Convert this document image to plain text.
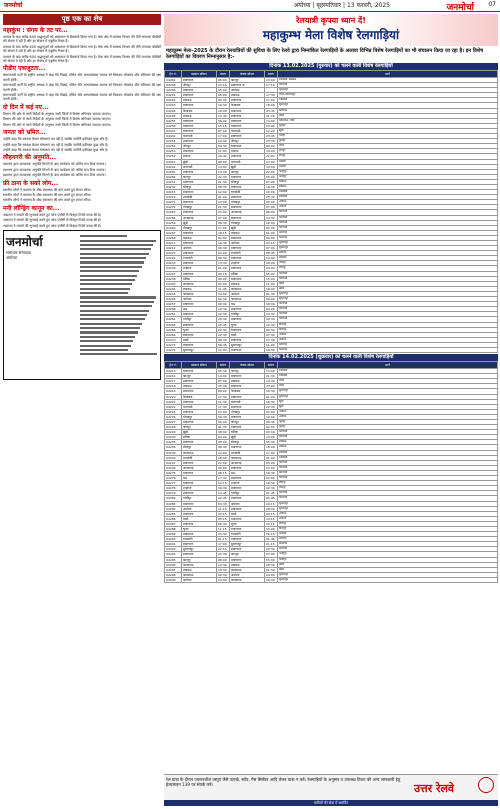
जनमोर्चा	अयोध्या | बृहस्पतिवार | 13 फरवरी, 2025	जनमोर्चा 07
पृष्ठ एक का शेष
महाकुंभ : संगम के तट पर...

उपचार के बाद करीब 600 श्रद्धालुओं को अस्पताल से डिस्चार्ज किया गया है। मेला क्षेत्र में स्वास्थ्य विभाग की टीमें लगातार चौबीसों घंटे सेवाएं दे रही हैं और हर सेक्टर में एंबुलेंस तैनात हैं।

उपचार के बाद करीब 600 श्रद्धालुओं को अस्पताल से डिस्चार्ज किया गया है। मेला क्षेत्र में स्वास्थ्य विभाग की टीमें लगातार चौबीसों घंटे सेवाएं दे रही हैं और हर सेक्टर में एंबुलेंस तैनात हैं।

उपचार के बाद करीब 600 श्रद्धालुओं को अस्पताल से डिस्चार्ज किया गया है। मेला क्षेत्र में स्वास्थ्य विभाग की टीमें लगातार चौबीसों घंटे सेवाएं दे रही हैं और हर सेक्टर में एंबुलेंस तैनात हैं।

पीडीए एकजुटता...

समाजवादी पार्टी के राष्ट्रीय अध्यक्ष ने कहा कि पिछड़े, दलित और अल्पसंख्यक समाज को मिलकर लोकतंत्र और संविधान की रक्षा करनी होगी।

समाजवादी पार्टी के राष्ट्रीय अध्यक्ष ने कहा कि पिछड़े, दलित और अल्पसंख्यक समाज को मिलकर लोकतंत्र और संविधान की रक्षा करनी होगी।

समाजवादी पार्टी के राष्ट्रीय अध्यक्ष ने कहा कि पिछड़े, दलित और अल्पसंख्यक समाज को मिलकर लोकतंत्र और संविधान की रक्षा करनी होगी।

दो दिन में कई नए...

विभाग की ओर से जारी निर्देशों के अनुसार सभी जिलों में विशेष अभियान चलाया जाएगा।

विभाग की ओर से जारी निर्देशों के अनुसार सभी जिलों में विशेष अभियान चलाया जाएगा।

विभाग की ओर से जारी निर्देशों के अनुसार सभी जिलों में विशेष अभियान चलाया जाएगा।

जनता को भ्रमित...

उन्होंने कहा कि सरकार केवल घोषणाएं कर रही है जबकि जमीनी हकीकत कुछ और है।

उन्होंने कहा कि सरकार केवल घोषणाएं कर रही है जबकि जमीनी हकीकत कुछ और है।

उन्होंने कहा कि सरकार केवल घोषणाएं कर रही है जबकि जमीनी हकीकत कुछ और है।

लौहनगरी की अनुमति...

प्रशासन द्वारा आवश्यक अनुमति मिलने के बाद कार्यक्रम को अंतिम रूप दिया जाएगा।

प्रशासन द्वारा आवश्यक अनुमति मिलने के बाद कार्यक्रम को अंतिम रूप दिया जाएगा।

प्रशासन द्वारा आवश्यक अनुमति मिलने के बाद कार्यक्रम को अंतिम रूप दिया जाएगा।

फ्री ठाना के सको लोग...

स्थानीय लोगों ने समस्या के शीघ्र समाधान की मांग करते हुए ज्ञापन सौंपा।

स्थानीय लोगों ने समस्या के शीघ्र समाधान की मांग करते हुए ज्ञापन सौंपा।

स्थानीय लोगों ने समस्या के शीघ्र समाधान की मांग करते हुए ज्ञापन सौंपा।

मनी लॉन्ड्रिंग कानून का...

अदालत ने मामले की सुनवाई करते हुए जांच एजेंसी से विस्तृत रिपोर्ट तलब की है।

अदालत ने मामले की सुनवाई करते हुए जांच एजेंसी से विस्तृत रिपोर्ट तलब की है।

अदालत ने मामले की सुनवाई करते हुए जांच एजेंसी से विस्तृत रिपोर्ट तलब की है।

जनमोर्चा
समाचार सम्पादक
अयोध्या
रेलयात्री कृपया ध्यान दें!
महाकुम्भ मेला विशेष रेलगाड़ियां
महाकुम्भ मेला–2025 के दौरान रेलयात्रियों की सुविधा के लिए रेलवे द्वारा निम्नांकित रेलगाड़ियों के अलावा विभिन्न विशेष रेलगाड़ियों का भी संचालन किया जा रहा है। इन विशेष रेलगाड़ियों का विवरण निम्नानुसार है:-
दिनांक 13.02.2025 (गुरुवार) को चलने वाली विशेष रेलगाड़ियाँ
ट्रेन नं.	प्रस्थान स्टेशन	समय	गंतव्य स्टेशन	समय	मार्ग
04292	प्रयागराज	05:00	कानपुर	13:00	रायबरेली, लखनऊ
04248	जौनपुर	13:15	प्रयागराज जं.	17:10	वाराणसी
04206	प्रयागराज	15:00	अयोध्या		सुल्तानपुर
04201	प्रयागराज	08:00	लखनऊ	17:30	जंघई, बादशाहपुर
04202	लखनऊ	09:30	प्रयागराज	17:00	रायबरेली
04203	प्रयागराज	10:30	फैजाबाद	18:00	सुल्तानपुर
04204	फैजाबाद	16:00	प्रयागराज	23:45	प्रतापगढ़
04205	लखनऊ	12:45	प्रयागराज	21:00	उन्नाव
04255	प्रयागराज	06:00	प्रयागराज	14:00	फाफामऊ, जंघई
04256	प्रयागराज	15:15	प्रयागराज	23:00	फूलपुर
04431	प्रयागराज	07:00	वाराणसी	12:20	झूंसी
04432	वाराणसी	17:00	प्रयागराज	23:45	भदोही
04251	प्रयागराज	19:00	जौनपुर	23:30	फूलपुर
04252	जौनपुर	04:30	प्रयागराज	09:00	जंघई
04253	प्रयागराज	11:00	बनारस	16:00	ज्ञानपुर
04254	बनारस	16:40	प्रयागराज	22:00	ज्ञानपुर
04241	झूंसी	08:00	वाराणसी	13:00	रामबाग
04242	वाराणसी	14:00	झूंसी	19:00	रामबाग
04281	प्रयागराज	14:30	कानपुर	22:00	फतेहपुर
04282	कानपुर	22:30	प्रयागराज	05:00	फतेहपुर
04231	प्रयागराज	21:30	सीतापुर	07:00	लखनऊ
04232	सीतापुर	08:30	प्रयागराज	18:00	लखनऊ
04215	प्रयागराज	12:00	बाराबंकी	20:00	रायबरेली
04216	बाराबंकी	21:00	प्रयागराज	05:30	रायबरेली
04271	प्रयागराज	10:00	गोरखपुर	20:00	अयोध्या
04272	गोरखपुर	21:30	प्रयागराज	07:00	अयोध्या
04263	प्रयागराज	23:00	आजमगढ़	06:00	वाराणसी
04264	आजमगढ़	07:00	प्रयागराज	14:30	वाराणसी
04259	झूंसी	06:30	गोरखपुर	16:00	वाराणसी
04260	गोरखपुर	17:00	झूंसी	02:30	वाराणसी
04267	प्रयागराज	18:15	लखनऊ	01:00	प्रतापगढ़
04268	लखनऊ	02:00	प्रयागराज	09:00	प्रतापगढ़
04211	प्रयागराज	16:30	अयोध्या	23:15	सुल्तानपुर
04212	अयोध्या	00:30	प्रयागराज	07:00	सुल्तानपुर
04223	प्रयागराज	04:00	रायबरेली	08:45	ऊंचाहार
04224	रायबरेली	09:30	प्रयागराज	14:00	ऊंचाहार
04233	प्रयागराज	13:30	शाहगंज	20:00	जौनपुर
04234	शाहगंज	21:00	प्रयागराज	04:00	जौनपुर
04237	प्रयागराज	20:15	बलिया	05:00	वाराणसी
04238	बलिया	06:00	प्रयागराज	15:00	वाराणसी
04243	फाफामऊ	05:00	लखनऊ	11:00	उन्नाव
04244	लखनऊ	11:45	फाफामऊ	18:00	उन्नाव
04245	फाफामऊ	19:00	अयोध्या	01:30	सुल्तानपुर
04246	अयोध्या	02:30	फाफामऊ	09:00	सुल्तानपुर
04257	प्रयागराज	09:30	मऊ	18:00	वाराणसी
04258	मऊ	19:30	प्रयागराज	04:00	वाराणसी
04261	प्रयागराज	12:30	गाजीपुर	19:30	वाराणसी
04262	गाजीपुर	20:30	प्रयागराज	03:30	वाराणसी
04265	प्रयागराज	15:45	चुनार	19:30	मिर्जापुर
04266	चुनार	20:30	प्रयागराज	00:30	मिर्जापुर
04269	प्रयागराज	22:30	बस्ती	07:30	अयोध्या
04270	बस्ती	08:30	प्रयागराज	17:30	अयोध्या
04273	प्रयागराज	06:45	सुल्तानपुर	11:00	प्रतापगढ़
04274	सुल्तानपुर	12:00	प्रयागराज	16:30	प्रतापगढ़
दिनांक 14.02.2025 (शुक्रवार) को चलने वाली विशेष रेलगाड़ियाँ
ट्रेन नं.	प्रस्थान स्टेशन	समय	गंतव्य स्टेशन	समय	मार्ग
04213	प्रयागराज	05:30	कानपुर	13:00	रायबरेली
04214	कानपुर	14:00	प्रयागराज	21:30	रायबरेली
04217	प्रयागराज	07:00	लखनऊ	14:30	जंघई
04218	लखनऊ	15:30	प्रयागराज	23:00	जंघई
04219	प्रयागराज	09:00	फैजाबाद	16:30	सुल्तानपुर
04220	फैजाबाद	17:30	प्रयागराज	01:00	सुल्तानपुर
04221	प्रयागराज	11:30	वाराणसी	16:30	झूंसी
04222	वाराणसी	17:30	प्रयागराज	22:30	झूंसी
04225	प्रयागराज	13:00	गोरखपुर	23:00	अयोध्या
04226	गोरखपुर	00:30	प्रयागराज	10:00	अयोध्या
04227	प्रयागराज	16:00	जौनपुर	20:30	फूलपुर
04228	जौनपुर	21:30	प्रयागराज	02:00	फूलपुर
04229	झूंसी	18:00	बलिया	03:00	वाराणसी
04230	बलिया	04:00	झूंसी	13:00	वाराणसी
04235	प्रयागराज	20:00	सीतापुर	05:30	लखनऊ
04236	सीतापुर	06:30	प्रयागराज	16:00	लखनऊ
04239	फाफामऊ	10:00	बाराबंकी	17:00	रायबरेली
04240	बाराबंकी	18:00	फाफामऊ	01:00	रायबरेली
04247	प्रयागराज	22:00	आजमगढ़	05:00	वाराणसी
04249	आजमगढ़	06:00	प्रयागराज	13:00	वाराणसी
04275	प्रयागराज	08:15	मऊ	16:30	वाराणसी
04276	मऊ	17:30	प्रयागराज	02:00	वाराणसी
04277	प्रयागराज	12:15	शाहगंज	18:30	जौनपुर
04278	शाहगंज	19:30	प्रयागराज	02:30	जौनपुर
04279	प्रयागराज	14:45	गाजीपुर	21:45	वाराणसी
04280	गाजीपुर	22:45	प्रयागराज	05:45	वाराणसी
04283	प्रयागराज	03:30	अयोध्या	10:15	सुल्तानपुर
04284	अयोध्या	11:15	प्रयागराज	18:00	सुल्तानपुर
04285	प्रयागराज	19:15	बस्ती	04:15	अयोध्या
04286	बस्ती	05:15	प्रयागराज	14:15	अयोध्या
04287	प्रयागराज	06:30	चुनार	10:15	मिर्जापुर
04288	चुनार	11:15	प्रयागराज	15:00	मिर्जापुर
04289	प्रयागराज	15:30	रायबरेली	20:15	ऊंचाहार
04290	रायबरेली	21:15	प्रयागराज	01:45	ऊंचाहार
04291	प्रयागराज	17:00	सुल्तानपुर	21:15	प्रतापगढ़
04293	सुल्तानपुर	22:15	प्रयागराज	02:30	प्रतापगढ़
04294	प्रयागराज	23:30	कानपुर	07:00	फतेहपुर
04295	कानपुर	08:00	प्रयागराज	15:30	फतेहपुर
04296	फाफामऊ	12:30	लखनऊ	18:30	उन्नाव
04297	लखनऊ	19:30	फाफामऊ	01:30	उन्नाव
04298	फाफामऊ	02:30	अयोध्या	09:00	सुल्तानपुर
04299	अयोध्या	10:00	फाफामऊ	16:30	सुल्तानपुर
रेल यात्रा के दौरान ज्वलनशील वस्तुएं जैसे पटाखे, स्टोव, गैस सिलेंडर आदि लेकर यात्रा न करें। रेलगाड़ियों के अनुसार व उपलब्ध टिकट की अन्य जानकारी हेतु हेल्पलाइन 139 पर संपर्क करें।	उत्तर रेलवे
यात्रियों की सेवा में समर्पित
